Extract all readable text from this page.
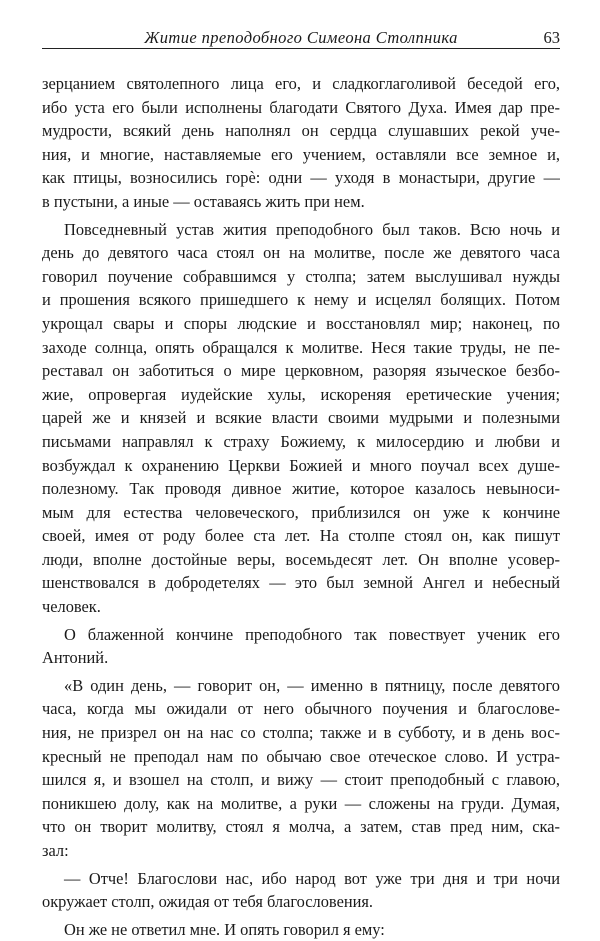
Житие преподобного Симеона Столпника	63
зерцанием святолепного лица его, и сладкоглаголивой беседой его,
ибо уста его были исполнены благодати Святого Духа. Имея дар пре-
мудрости, всякий день наполнял он сердца слушавших рекой уче-
ния, и многие, наставляемые его учением, оставляли все земное и,
как птицы, возносились горѐ: одни — уходя в монастыри, другие —
в пустыни, а иные — оставаясь жить при нем.
Повседневный устав жития преподобного был таков. Всю ночь и
день до девятого часа стоял он на молитве, после же девятого часа
говорил поучение собравшимся у столпа; затем выслушивал нужды
и прошения всякого пришедшего к нему и исцелял болящих. Потом
укрощал свары и споры людские и восстановлял мир; наконец, по
заходе солнца, опять обращался к молитве. Неся такие труды, не пе-
реставал он заботиться о мире церковном, разоряя языческое безбо-
жие, опровергая иудейские хулы, искореняя еретические учения;
царей же и князей и всякие власти своими мудрыми и полезными
письмами направлял к страху Божиему, к милосердию и любви и
возбуждал к охранению Церкви Божией и много поучал всех душе-
полезному. Так проводя дивное житие, которое казалось невыноси-
мым для естества человеческого, приблизился он уже к кончине
своей, имея от роду более ста лет. На столпе стоял он, как пишут
люди, вполне достойные веры, восемьдесят лет. Он вполне усовер-
шенствовался в добродетелях — это был земной Ангел и небесный
человек.
О блаженной кончине преподобного так повествует ученик его
Антоний.
«В один день, — говорит он, — именно в пятницу, после девятого
часа, когда мы ожидали от него обычного поучения и благослове-
ния, не призрел он на нас со столпа; также и в субботу, и в день вос-
кресный не преподал нам по обычаю свое отеческое слово. И устра-
шился я, и взошел на столп, и вижу — стоит преподобный с главою,
поникшею долу, как на молитве, а руки — сложены на груди. Думая,
что он творит молитву, стоял я молча, а затем, став пред ним, ска-
зал:
— Отче! Благослови нас, ибо народ вот уже три дня и три ночи
окружает столп, ожидая от тебя благословения.
Он же не ответил мне. И опять говорил я ему:
